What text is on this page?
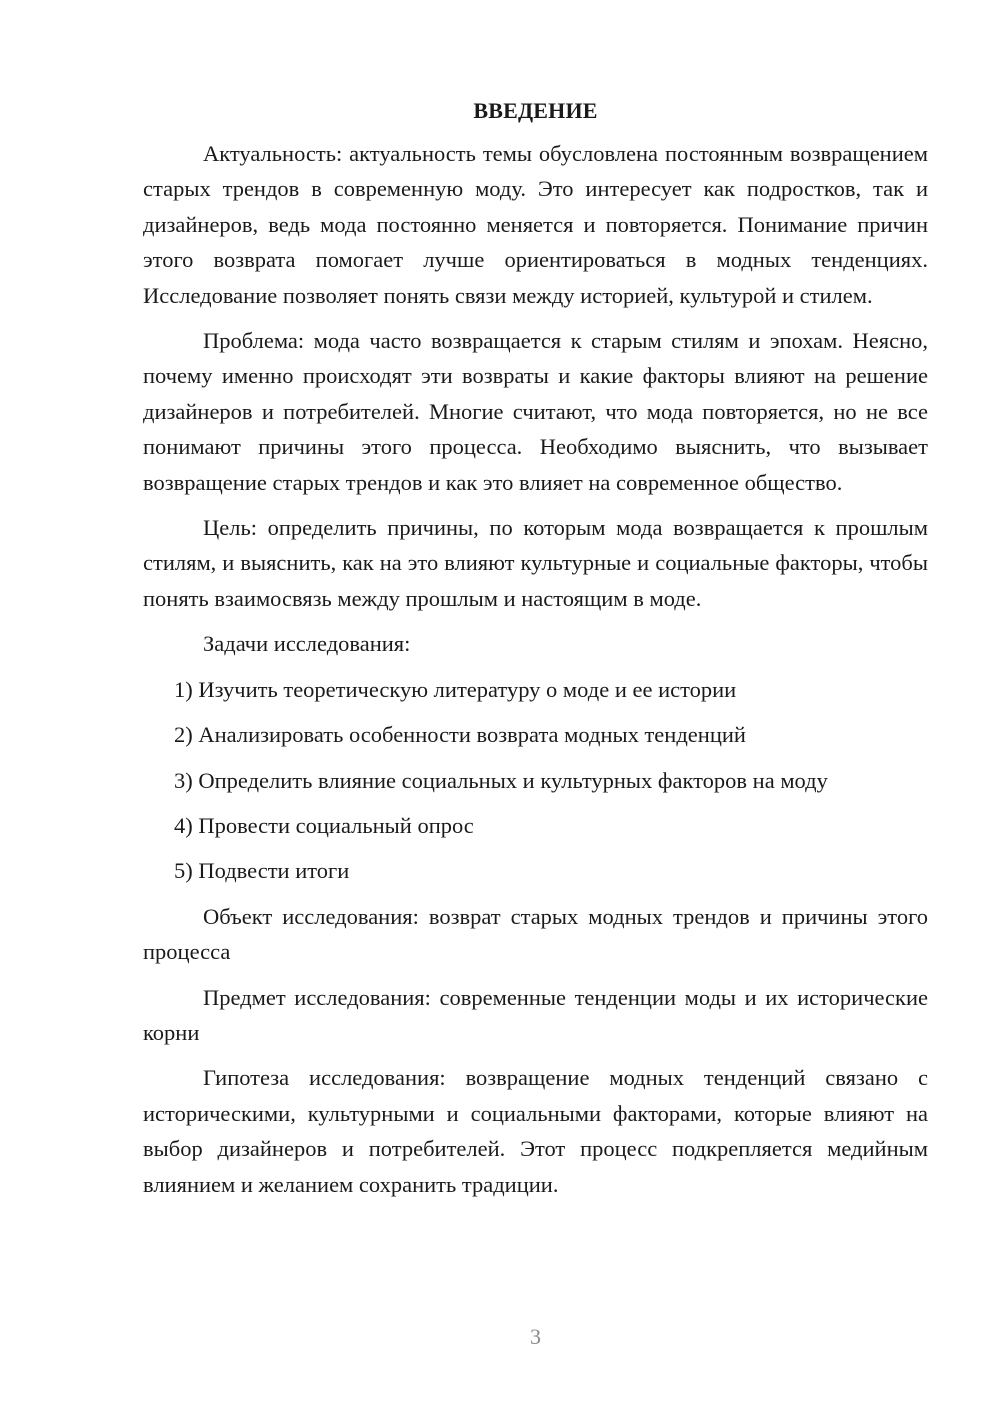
ВВЕДЕНИЕ

Актуальность: актуальность темы обусловлена постоянным возвращением старых трендов в современную моду. Это интересует как подростков, так и дизайнеров, ведь мода постоянно меняется и повторяется. Понимание причин этого возврата помогает лучше ориентироваться в модных тенденциях. Исследование позволяет понять связи между историей, культурой и стилем.

Проблема: мода часто возвращается к старым стилям и эпохам. Неясно, почему именно происходят эти возвраты и какие факторы влияют на решение дизайнеров и потребителей. Многие считают, что мода повторяется, но не все понимают причины этого процесса. Необходимо выяснить, что вызывает возвращение старых трендов и как это влияет на современное общество.

Цель: определить причины, по которым мода возвращается к прошлым стилям, и выяснить, как на это влияют культурные и социальные факторы, чтобы понять взаимосвязь между прошлым и настоящим в моде.

Задачи исследования:

1) Изучить теоретическую литературу о моде и ее истории
2) Анализировать особенности возврата модных тенденций
3) Определить влияние социальных и культурных факторов на моду
4) Провести социальный опрос
5) Подвести итоги

Объект исследования: возврат старых модных трендов и причины этого процесса

Предмет исследования: современные тенденции моды и их исторические корни

Гипотеза исследования: возвращение модных тенденций связано с историческими, культурными и социальными факторами, которые влияют на выбор дизайнеров и потребителей. Этот процесс подкрепляется медийным влиянием и желанием сохранить традиции.

3
